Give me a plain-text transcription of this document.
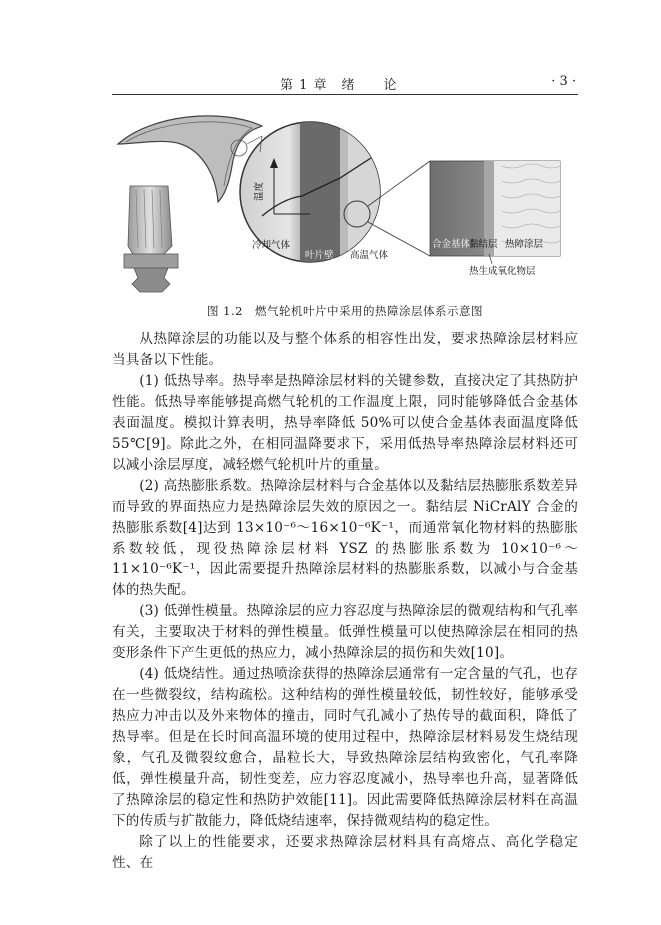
第 1 章　绪　　论	· 3 ·
温度
冷却气体
叶片壁 高温气体
合金基体
黏结层 热障涂层
热生成氧化物层
图 1.2　燃气轮机叶片中采用的热障涂层体系示意图

从热障涂层的功能以及与整个体系的相容性出发，要求热障涂层材料应当具备以下性能。

(1) 低热导率。热导率是热障涂层材料的关键参数，直接决定了其热防护性能。低热导率能够提高燃气轮机的工作温度上限，同时能够降低合金基体表面温度。模拟计算表明，热导率降低 50%可以使合金基体表面温度降低 55℃[9]。除此之外，在相同温降要求下，采用低热导率热障涂层材料还可以减小涂层厚度，减轻燃气轮机叶片的重量。

(2) 高热膨胀系数。热障涂层材料与合金基体以及黏结层热膨胀系数差异而导致的界面热应力是热障涂层失效的原因之一。黏结层 NiCrAlY 合金的热膨胀系数[4]达到 13×10⁻⁶～16×10⁻⁶K⁻¹，而通常氧化物材料的热膨胀系数较低，现役热障涂层材料 YSZ 的热膨胀系数为 10×10⁻⁶～11×10⁻⁶K⁻¹，因此需要提升热障涂层材料的热膨胀系数，以减小与合金基体的热失配。

(3) 低弹性模量。热障涂层的应力容忍度与热障涂层的微观结构和气孔率有关，主要取决于材料的弹性模量。低弹性模量可以使热障涂层在相同的热变形条件下产生更低的热应力，减小热障涂层的损伤和失效[10]。

(4) 低烧结性。通过热喷涂获得的热障涂层通常有一定含量的气孔，也存在一些微裂纹，结构疏松。这种结构的弹性模量较低，韧性较好，能够承受热应力冲击以及外来物体的撞击，同时气孔减小了热传导的截面积，降低了热导率。但是在长时间高温环境的使用过程中，热障涂层材料易发生烧结现象，气孔及微裂纹愈合，晶粒长大，导致热障涂层结构致密化，气孔率降低，弹性模量升高，韧性变差，应力容忍度减小，热导率也升高，显著降低了热障涂层的稳定性和热防护效能[11]。因此需要降低热障涂层材料在高温下的传质与扩散能力，降低烧结速率，保持微观结构的稳定性。

除了以上的性能要求，还要求热障涂层材料具有高熔点、高化学稳定性、在
